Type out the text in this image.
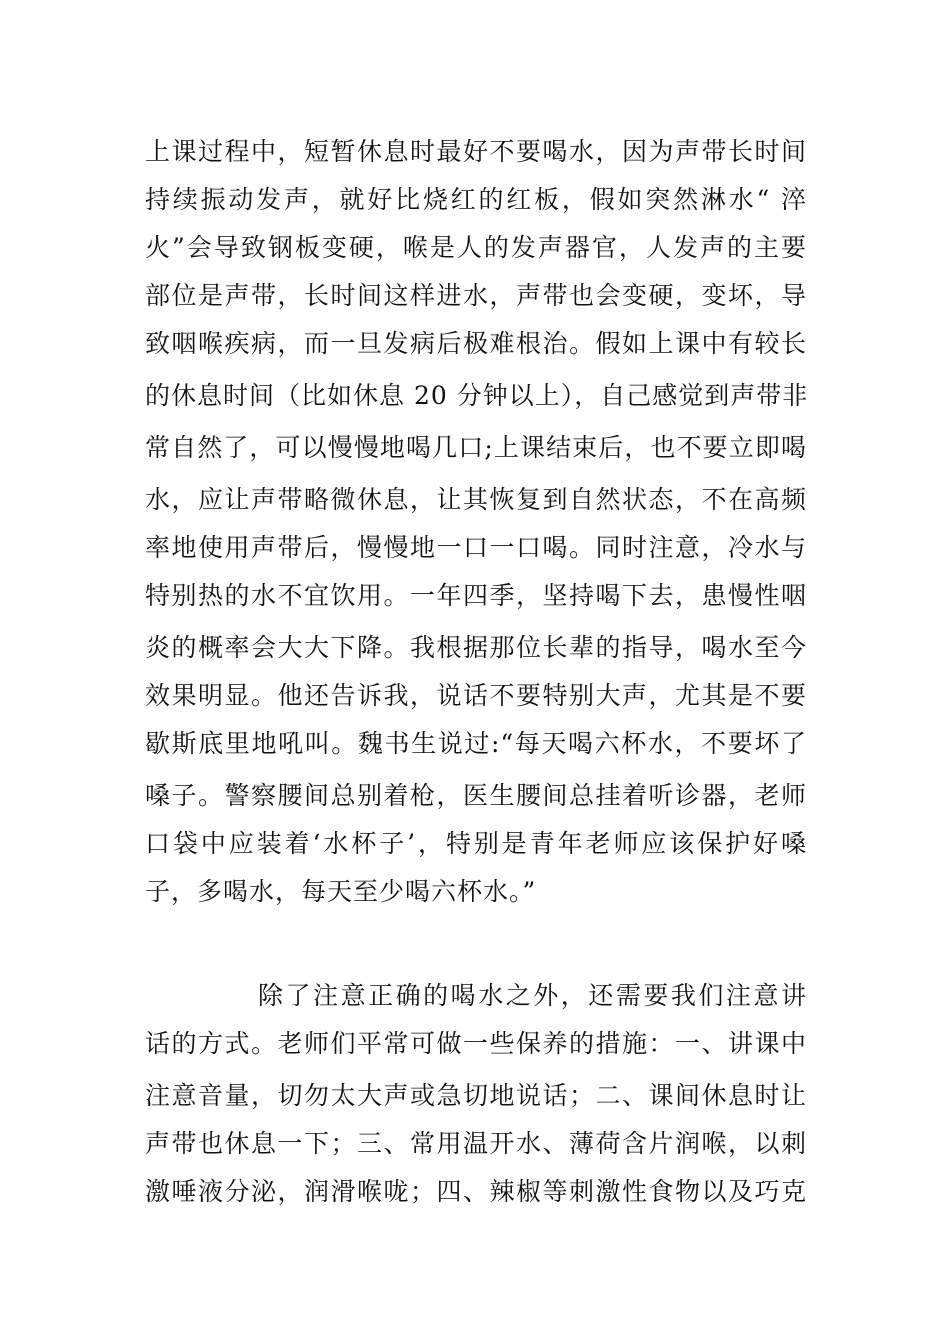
上课过程中，短暂休息时最好不要喝水，因为声带长时间
持续振动发声，就好比烧红的红板，假如突然淋水“ 淬
火”会导致钢板变硬，喉是人的发声器官，人发声的主要
部位是声带，长时间这样进水，声带也会变硬，变坏，导
致咽喉疾病，而一旦发病后极难根治。假如上课中有较长
的休息时间（比如休息 20 分钟以上），自己感觉到声带非
常自然了，可以慢慢地喝几口;上课结束后，也不要立即喝
水，应让声带略微休息，让其恢复到自然状态，不在高频
率地使用声带后，慢慢地一口一口喝。同时注意，冷水与
特别热的水不宜饮用。一年四季，坚持喝下去，患慢性咽
炎的概率会大大下降。我根据那位长辈的指导，喝水至今
效果明显。他还告诉我，说话不要特别大声，尤其是不要
歇斯底里地吼叫。魏书生说过:“每天喝六杯水，不要坏了
嗓子。警察腰间总别着枪，医生腰间总挂着听诊器，老师
口袋中应装着‘水杯子’，特别是青年老师应该保护好嗓
子，多喝水，每天至少喝六杯水。”
除了注意正确的喝水之外，还需要我们注意讲
话的方式。老师们平常可做一些保养的措施：一、讲课中
注意音量，切勿太大声或急切地说话；二、课间休息时让
声带也休息一下；三、常用温开水、薄荷含片润喉，以刺
激唾液分泌，润滑喉咙；四、辣椒等刺激性食物以及巧克
